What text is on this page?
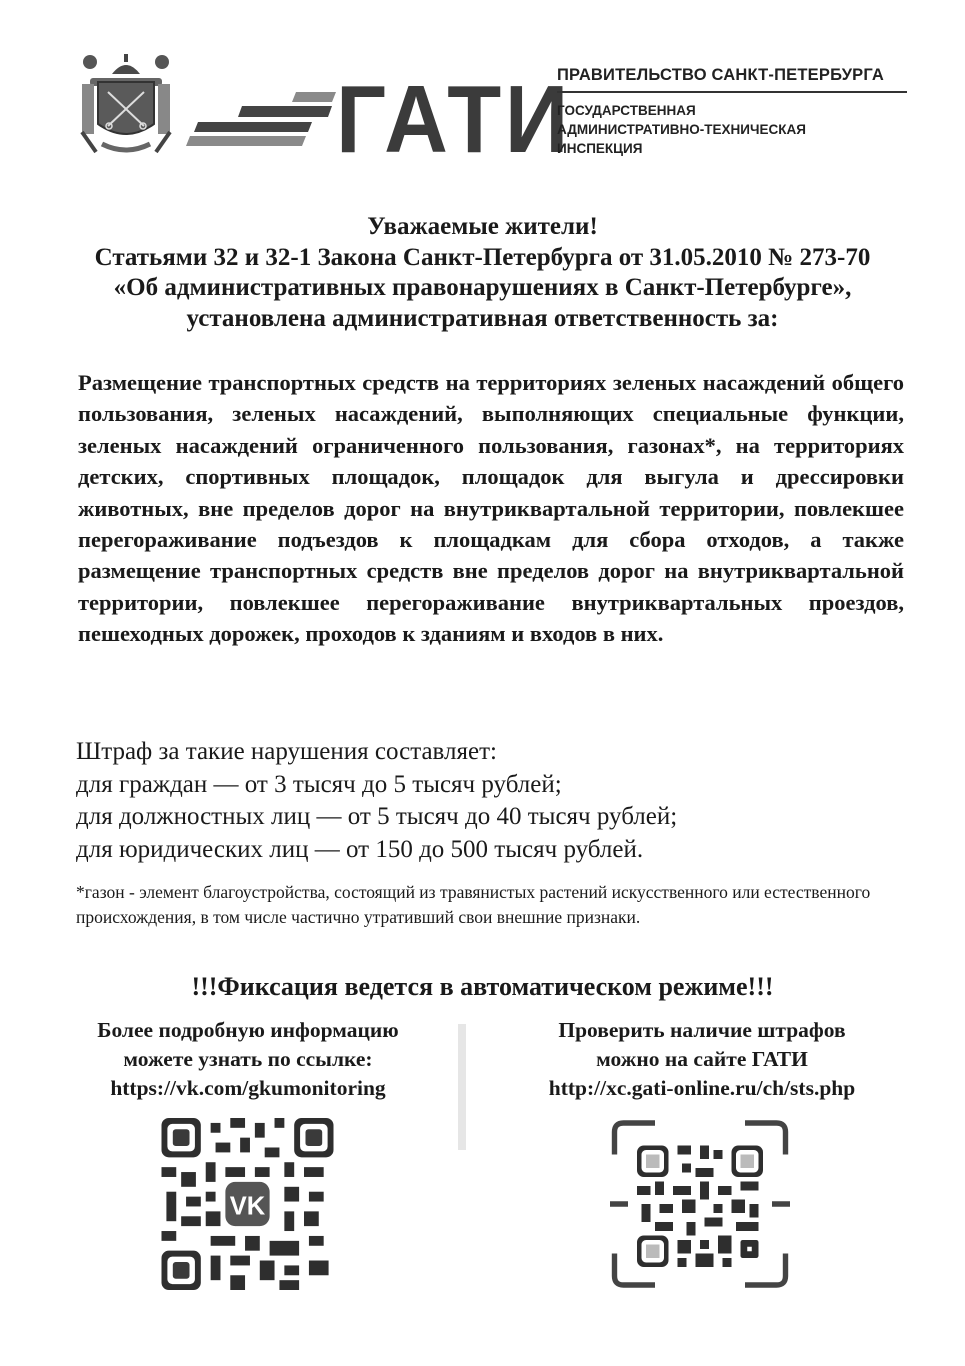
ГАТИ
ПРАВИТЕЛЬСТВО САНКТ-ПЕТЕРБУРГА
ГОСУДАРСТВЕННАЯ
АДМИНИСТРАТИВНО-ТЕХНИЧЕСКАЯ
ИНСПЕКЦИЯ
Уважаемые жители!
Статьями 32 и 32-1 Закона Санкт-Петербурга от 31.05.2010 № 273-70
«Об административных правонарушениях в Санкт-Петербурге»,
установлена административная ответственность за:
Размещение транспортных средств на территориях зеленых насаждений общего пользования, зеленых насаждений, выполняющих специальные функции, зеленых насаждений ограниченного пользования, газонах*, на территориях детских, спортивных площадок, площадок для выгула и дрессировки животных, вне пределов дорог на внутриквартальной территории, повлекшее перегораживание подъездов к площадкам для сбора отходов, а также размещение транспортных средств вне пределов дорог на внутриквартальной территории, повлекшее перегораживание внутриквартальных проездов, пешеходных дорожек, проходов к зданиям и входов в них.
Штраф за такие нарушения составляет:
для граждан — от 3 тысяч до 5 тысяч рублей;
для должностных лиц — от 5 тысяч до 40 тысяч рублей;
для юридических лиц — от 150 до 500 тысяч рублей.
*газон - элемент благоустройства, состоящий из травянистых растений искусственного или естественного происхождения, в том числе частично утративший свои внешние признаки.
!!!Фиксация ведется в автоматическом режиме!!!
Более подробную информацию
можете узнать по ссылке:
https://vk.com/gkumonitoring
Проверить наличие штрафов
можно на сайте ГАТИ
http://xc.gati-online.ru/ch/sts.php
VK
